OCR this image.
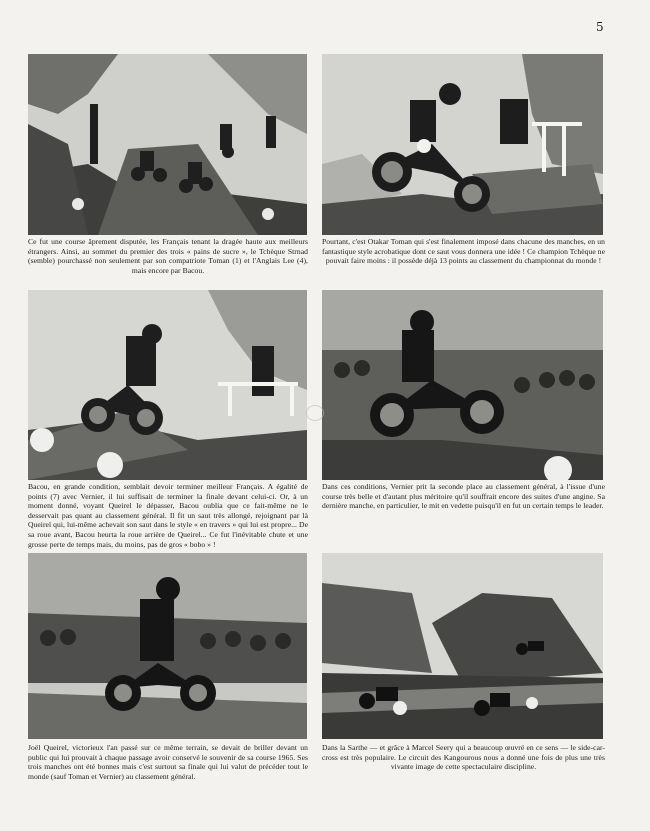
5
Ce fut une course âprement disputée, les Français tenant la dragée haute aux meilleurs étrangers. Ainsi, au sommet du premier des trois « pains de sucre », le Tchèque Strnad (semble) pourchassé non seulement par son compatriote Toman (1) et l'Anglais Lee (4), mais encore par Bacou.
Pourtant, c'est Otakar Toman qui s'est finalement imposé dans chacune des manches, en un fantastique style acrobatique dont ce saut vous donnera une idée ! Ce champion Tchèque ne pouvait faire moins : il possède déjà 13 points au classement du championnat du monde !
Bacou, en grande condition, semblait devoir terminer meilleur Français. A égalité de points (7) avec Vernier, il lui suffisait de terminer la finale devant celui-ci. Or, à un moment donné, voyant Queirel le dépasser, Bacou oublia que ce fait-même ne le desservait pas quant au classement général. Il fit un saut très allongé, rejoignant par là Queirel qui, lui-même achevait son saut dans le style « en travers » qui lui est propre... De sa roue avant, Bacou heurta la roue arrière de Queirel... Ce fut l'inévitable chute et une grosse perte de temps mais, du moins, pas de gros « bobo » !
Dans ces conditions, Vernier prit la seconde place au classement général, à l'issue d'une course très belle et d'autant plus méritoire qu'il souffrait encore des suites d'une angine. Sa dernière manche, en particulier, le mit en vedette puisqu'il en fut un certain temps le leader.
Joël Queirel, victorieux l'an passé sur ce même terrain, se devait de briller devant un public qui lui prouvait à chaque passage avoir conservé le souvenir de sa course 1965. Ses trois manches ont été bonnes mais c'est surtout sa finale qui lui valut de précéder tout le monde (sauf Toman et Vernier) au classement général.
Dans la Sarthe — et grâce à Marcel Seery qui a beaucoup œuvré en ce sens — le side-car-cross est très populaire. Le circuit des Kangourous nous a donné une fois de plus une très vivante image de cette spectaculaire discipline.
